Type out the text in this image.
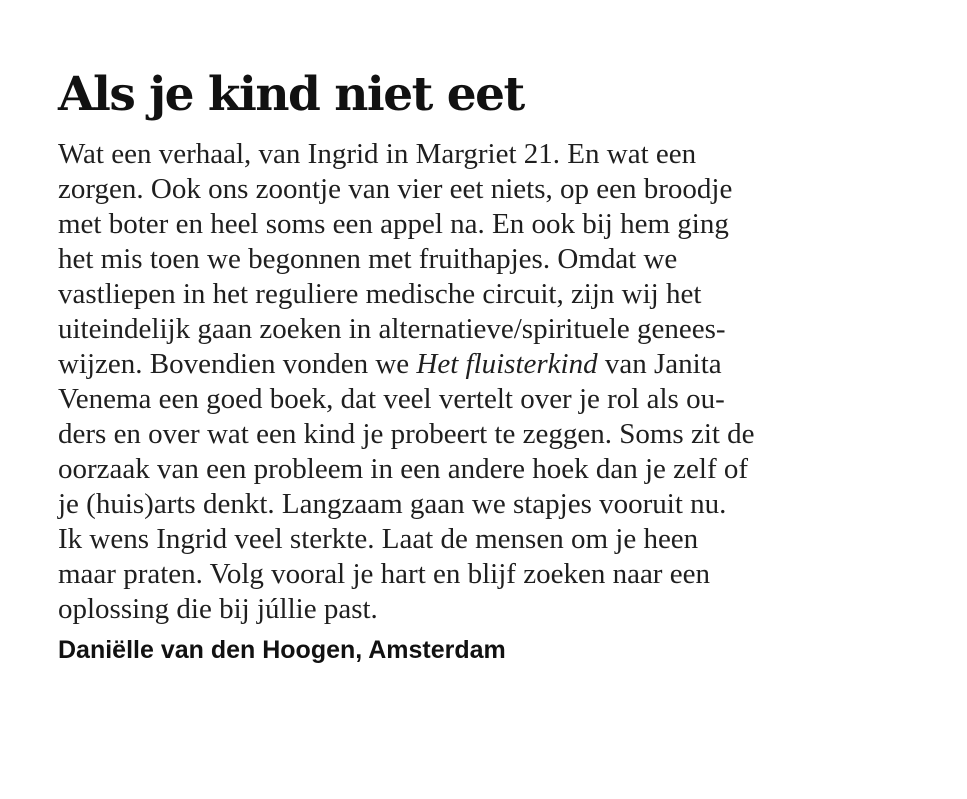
Als je kind niet eet

Wat een verhaal, van Ingrid in Margriet 21. En wat een
zorgen. Ook ons zoontje van vier eet niets, op een broodje
met boter en heel soms een appel na. En ook bij hem ging
het mis toen we begonnen met fruithapjes. Omdat we
vastliepen in het reguliere medische circuit, zijn wij het
uiteindelijk gaan zoeken in alternatieve/spirituele genees-
wijzen. Bovendien vonden we Het fluisterkind van Janita
Venema een goed boek, dat veel vertelt over je rol als ou-
ders en over wat een kind je probeert te zeggen. Soms zit de
oorzaak van een probleem in een andere hoek dan je zelf of
je (huis)arts denkt. Langzaam gaan we stapjes vooruit nu.
Ik wens Ingrid veel sterkte. Laat de mensen om je heen
maar praten. Volg vooral je hart en blijf zoeken naar een
oplossing die bij júllie past.

Daniëlle van den Hoogen, Amsterdam
